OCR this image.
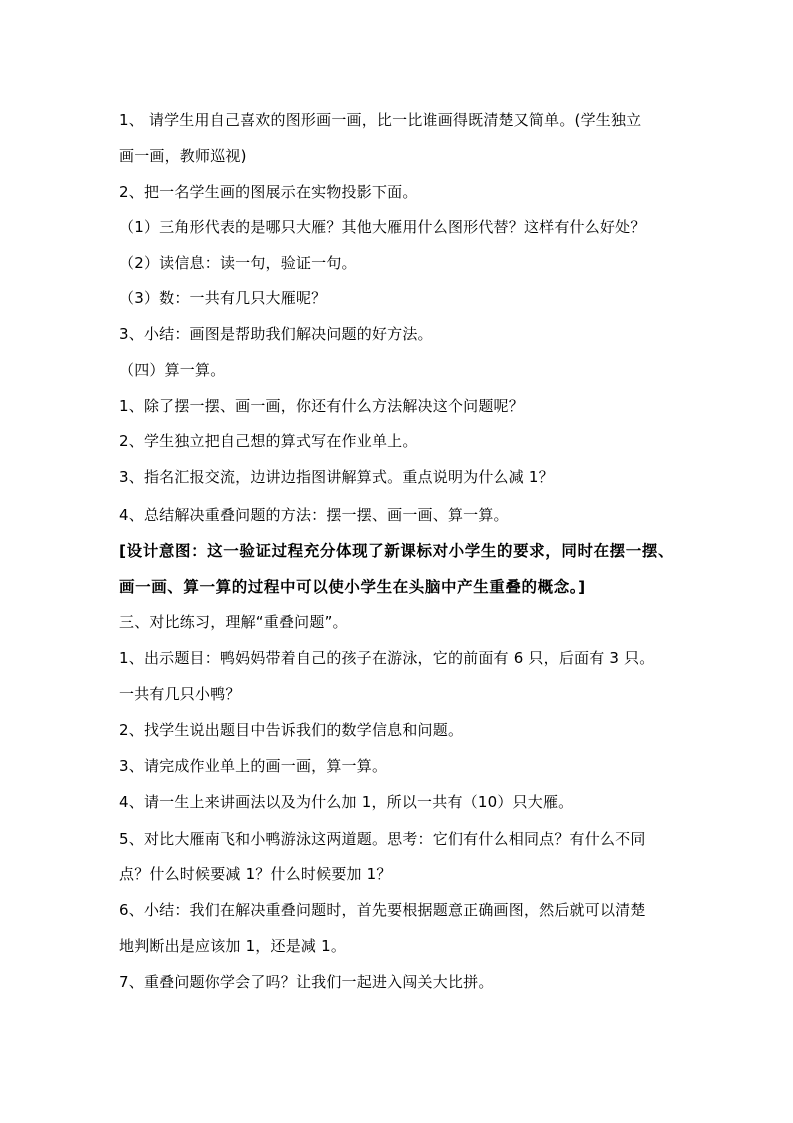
1、 请学生用自己喜欢的图形画一画，比一比谁画得既清楚又简单。(学生独立
画一画，教师巡视)
2、把一名学生画的图展示在实物投影下面。
（1）三角形代表的是哪只大雁？其他大雁用什么图形代替？这样有什么好处？
（2）读信息：读一句，验证一句。
（3）数：一共有几只大雁呢？
3、小结：画图是帮助我们解决问题的好方法。
（四）算一算。
1、除了摆一摆、画一画，你还有什么方法解决这个问题呢？
2、学生独立把自己想的算式写在作业单上。
3、指名汇报交流，边讲边指图讲解算式。重点说明为什么减 1？
4、总结解决重叠问题的方法：摆一摆、画一画、算一算。
[设计意图：这一验证过程充分体现了新课标对小学生的要求，同时在摆一摆、
画一画、算一算的过程中可以使小学生在头脑中产生重叠的概念。]
三、对比练习，理解“重叠问题”。
1、出示题目：鸭妈妈带着自己的孩子在游泳，它的前面有 6 只，后面有 3 只。
一共有几只小鸭？
2、找学生说出题目中告诉我们的数学信息和问题。
3、请完成作业单上的画一画，算一算。
4、请一生上来讲画法以及为什么加 1，所以一共有（10）只大雁。
5、对比大雁南飞和小鸭游泳这两道题。思考：它们有什么相同点？有什么不同
点？什么时候要减 1？什么时候要加 1？
6、小结：我们在解决重叠问题时，首先要根据题意正确画图，然后就可以清楚
地判断出是应该加 1，还是减 1。
7、重叠问题你学会了吗？让我们一起进入闯关大比拼。
